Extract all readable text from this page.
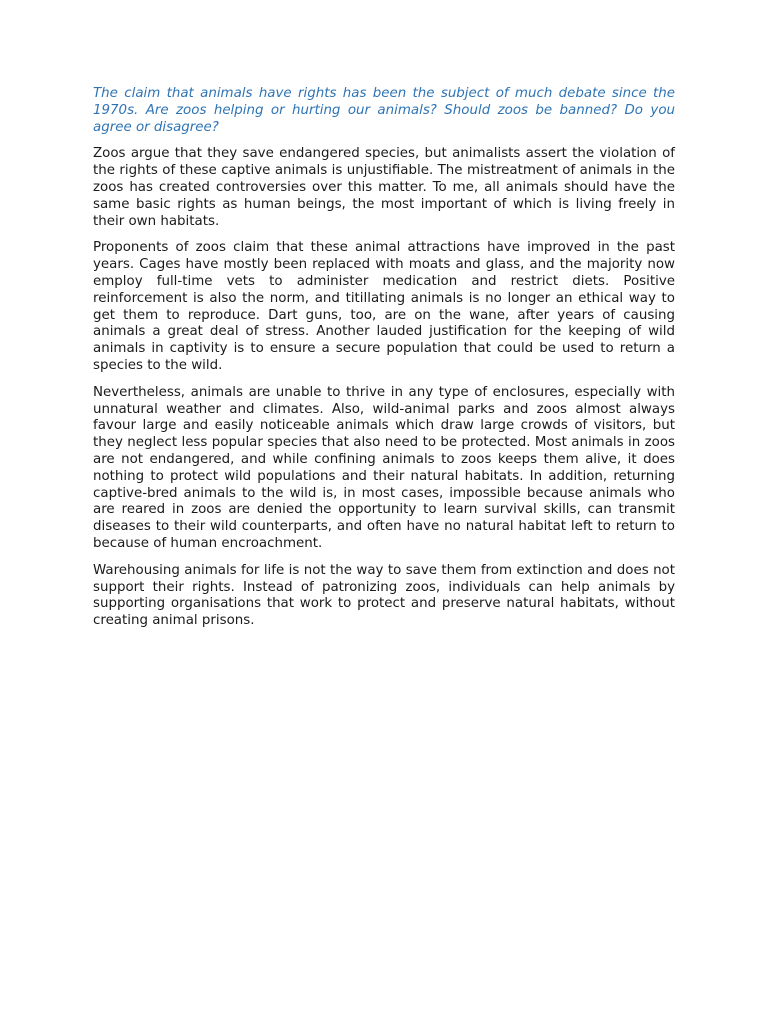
The claim that animals have rights has been the subject of much debate since the 1970s. Are zoos helping or hurting our animals? Should zoos be banned? Do you agree or disagree?

Zoos argue that they save endangered species, but animalists assert the violation of the rights of these captive animals is unjustifiable. The mistreatment of animals in the zoos has created controversies over this matter. To me, all animals should have the same basic rights as human beings, the most important of which is living freely in their own habitats.

Proponents of zoos claim that these animal attractions have improved in the past years. Cages have mostly been replaced with moats and glass, and the majority now employ full-time vets to administer medication and restrict diets. Positive reinforcement is also the norm, and titillating animals is no longer an ethical way to get them to reproduce. Dart guns, too, are on the wane, after years of causing animals a great deal of stress. Another lauded justification for the keeping of wild animals in captivity is to ensure a secure population that could be used to return a species to the wild.

Nevertheless, animals are unable to thrive in any type of enclosures, especially with unnatural weather and climates. Also, wild-animal parks and zoos almost always favour large and easily noticeable animals which draw large crowds of visitors, but they neglect less popular species that also need to be protected. Most animals in zoos are not endangered, and while confining animals to zoos keeps them alive, it does nothing to protect wild populations and their natural habitats. In addition, returning captive-bred animals to the wild is, in most cases, impossible because animals who are reared in zoos are denied the opportunity to learn survival skills, can transmit diseases to their wild counterparts, and often have no natural habitat left to return to because of human encroachment.

Warehousing animals for life is not the way to save them from extinction and does not support their rights. Instead of patronizing zoos, individuals can help animals by supporting organisations that work to protect and preserve natural habitats, without creating animal prisons.
